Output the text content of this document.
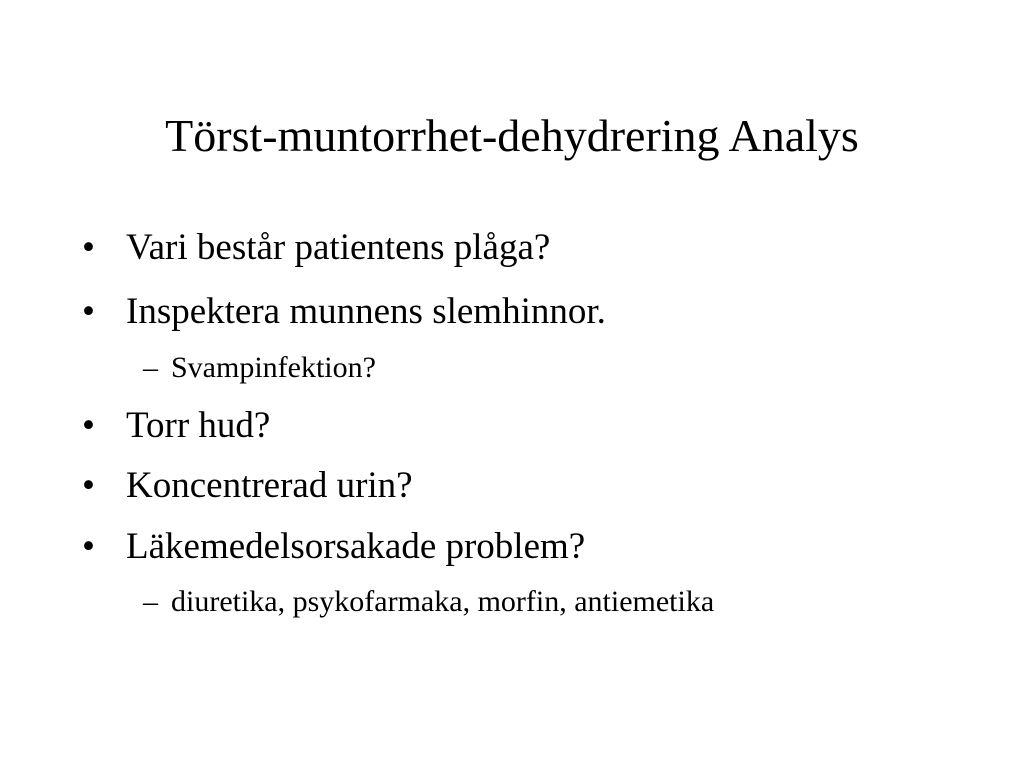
Törst-muntorrhet-dehydrering Analys
• Vari består patientens plåga?
• Inspektera munnens slemhinnor.
– Svampinfektion?
• Torr hud?
• Koncentrerad urin?
• Läkemedelsorsakade problem?
– diuretika, psykofarmaka, morfin, antiemetika
